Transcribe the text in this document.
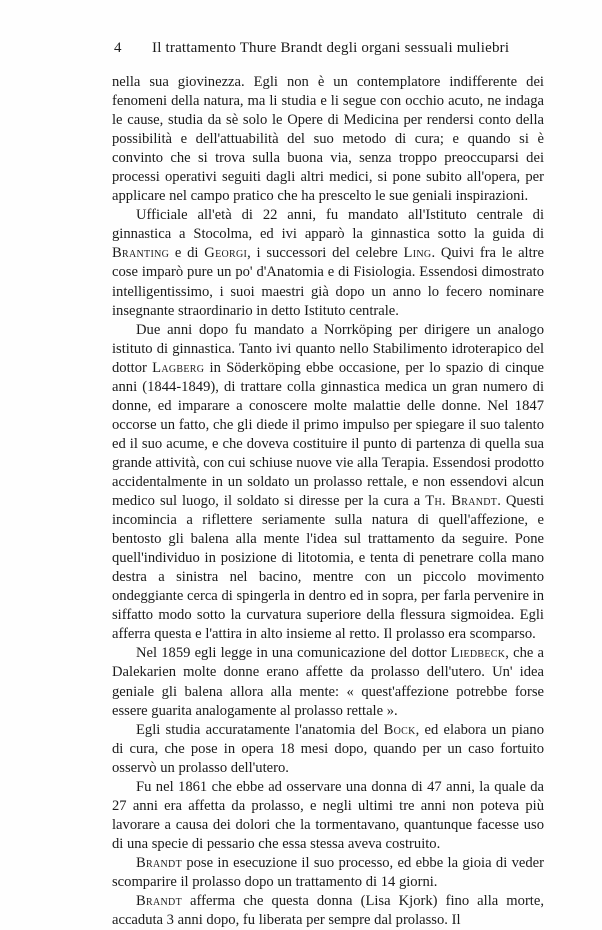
4 Il trattamento Thure Brandt degli organi sessuali muliebri

nella sua giovinezza. Egli non è un contemplatore indifferente dei fenomeni della natura, ma li studia e li segue con occhio acuto, ne indaga le cause, studia da sè solo le Opere di Medicina per rendersi conto della possibilità e dell'attuabilità del suo metodo di cura; e quando si è convinto che si trova sulla buona via, senza troppo preoccuparsi dei processi operativi seguiti dagli altri medici, si pone subito all'opera, per applicare nel campo pratico che ha prescelto le sue geniali inspirazioni.

Ufficiale all'età di 22 anni, fu mandato all'Istituto centrale di ginnastica a Stocolma, ed ivi apparò la ginnastica sotto la guida di Branting e di Georgi, i successori del celebre Ling. Quivi fra le altre cose imparò pure un po' d'Anatomia e di Fisiologia. Essendosi dimostrato intelligentissimo, i suoi maestri già dopo un anno lo fecero nominare insegnante straordinario in detto Istituto centrale.

Due anni dopo fu mandato a Norrköping per dirigere un analogo istituto di ginnastica. Tanto ivi quanto nello Stabilimento idroterapico del dottor Lagberg in Söderköping ebbe occasione, per lo spazio di cinque anni (1844-1849), di trattare colla ginnastica medica un gran numero di donne, ed imparare a conoscere molte malattie delle donne. Nel 1847 occorse un fatto, che gli diede il primo impulso per spiegare il suo talento ed il suo acume, e che doveva costituire il punto di partenza di quella sua grande attività, con cui schiuse nuove vie alla Terapia. Essendosi prodotto accidentalmente in un soldato un prolasso rettale, e non essendovi alcun medico sul luogo, il soldato si diresse per la cura a Th. Brandt. Questi incomincia a riflettere seriamente sulla natura di quell'affezione, e bentosto gli balena alla mente l'idea sul trattamento da seguire. Pone quell'individuo in posizione di litotomia, e tenta di penetrare colla mano destra a sinistra nel bacino, mentre con un piccolo movimento ondeggiante cerca di spingerla in dentro ed in sopra, per farla pervenire in siffatto modo sotto la curvatura superiore della flessura sigmoidea. Egli afferra questa e l'attira in alto insieme al retto. Il prolasso era scomparso.

Nel 1859 egli legge in una comunicazione del dottor Liedbeck, che a Dalekarien molte donne erano affette da prolasso dell'utero. Un' idea geniale gli balena allora alla mente: « quest'affezione potrebbe forse essere guarita analogamente al prolasso rettale ».

Egli studia accuratamente l'anatomia del Bock, ed elabora un piano di cura, che pose in opera 18 mesi dopo, quando per un caso fortuito osservò un prolasso dell'utero.

Fu nel 1861 che ebbe ad osservare una donna di 47 anni, la quale da 27 anni era affetta da prolasso, e negli ultimi tre anni non poteva più lavorare a causa dei dolori che la tormentavano, quantunque facesse uso di una specie di pessario che essa stessa aveva costruito.

Brandt pose in esecuzione il suo processo, ed ebbe la gioia di veder scomparire il prolasso dopo un trattamento di 14 giorni.

Brandt afferma che questa donna (Lisa Kjork) fino alla morte, accaduta 3 anni dopo, fu liberata per sempre dal prolasso. Il
